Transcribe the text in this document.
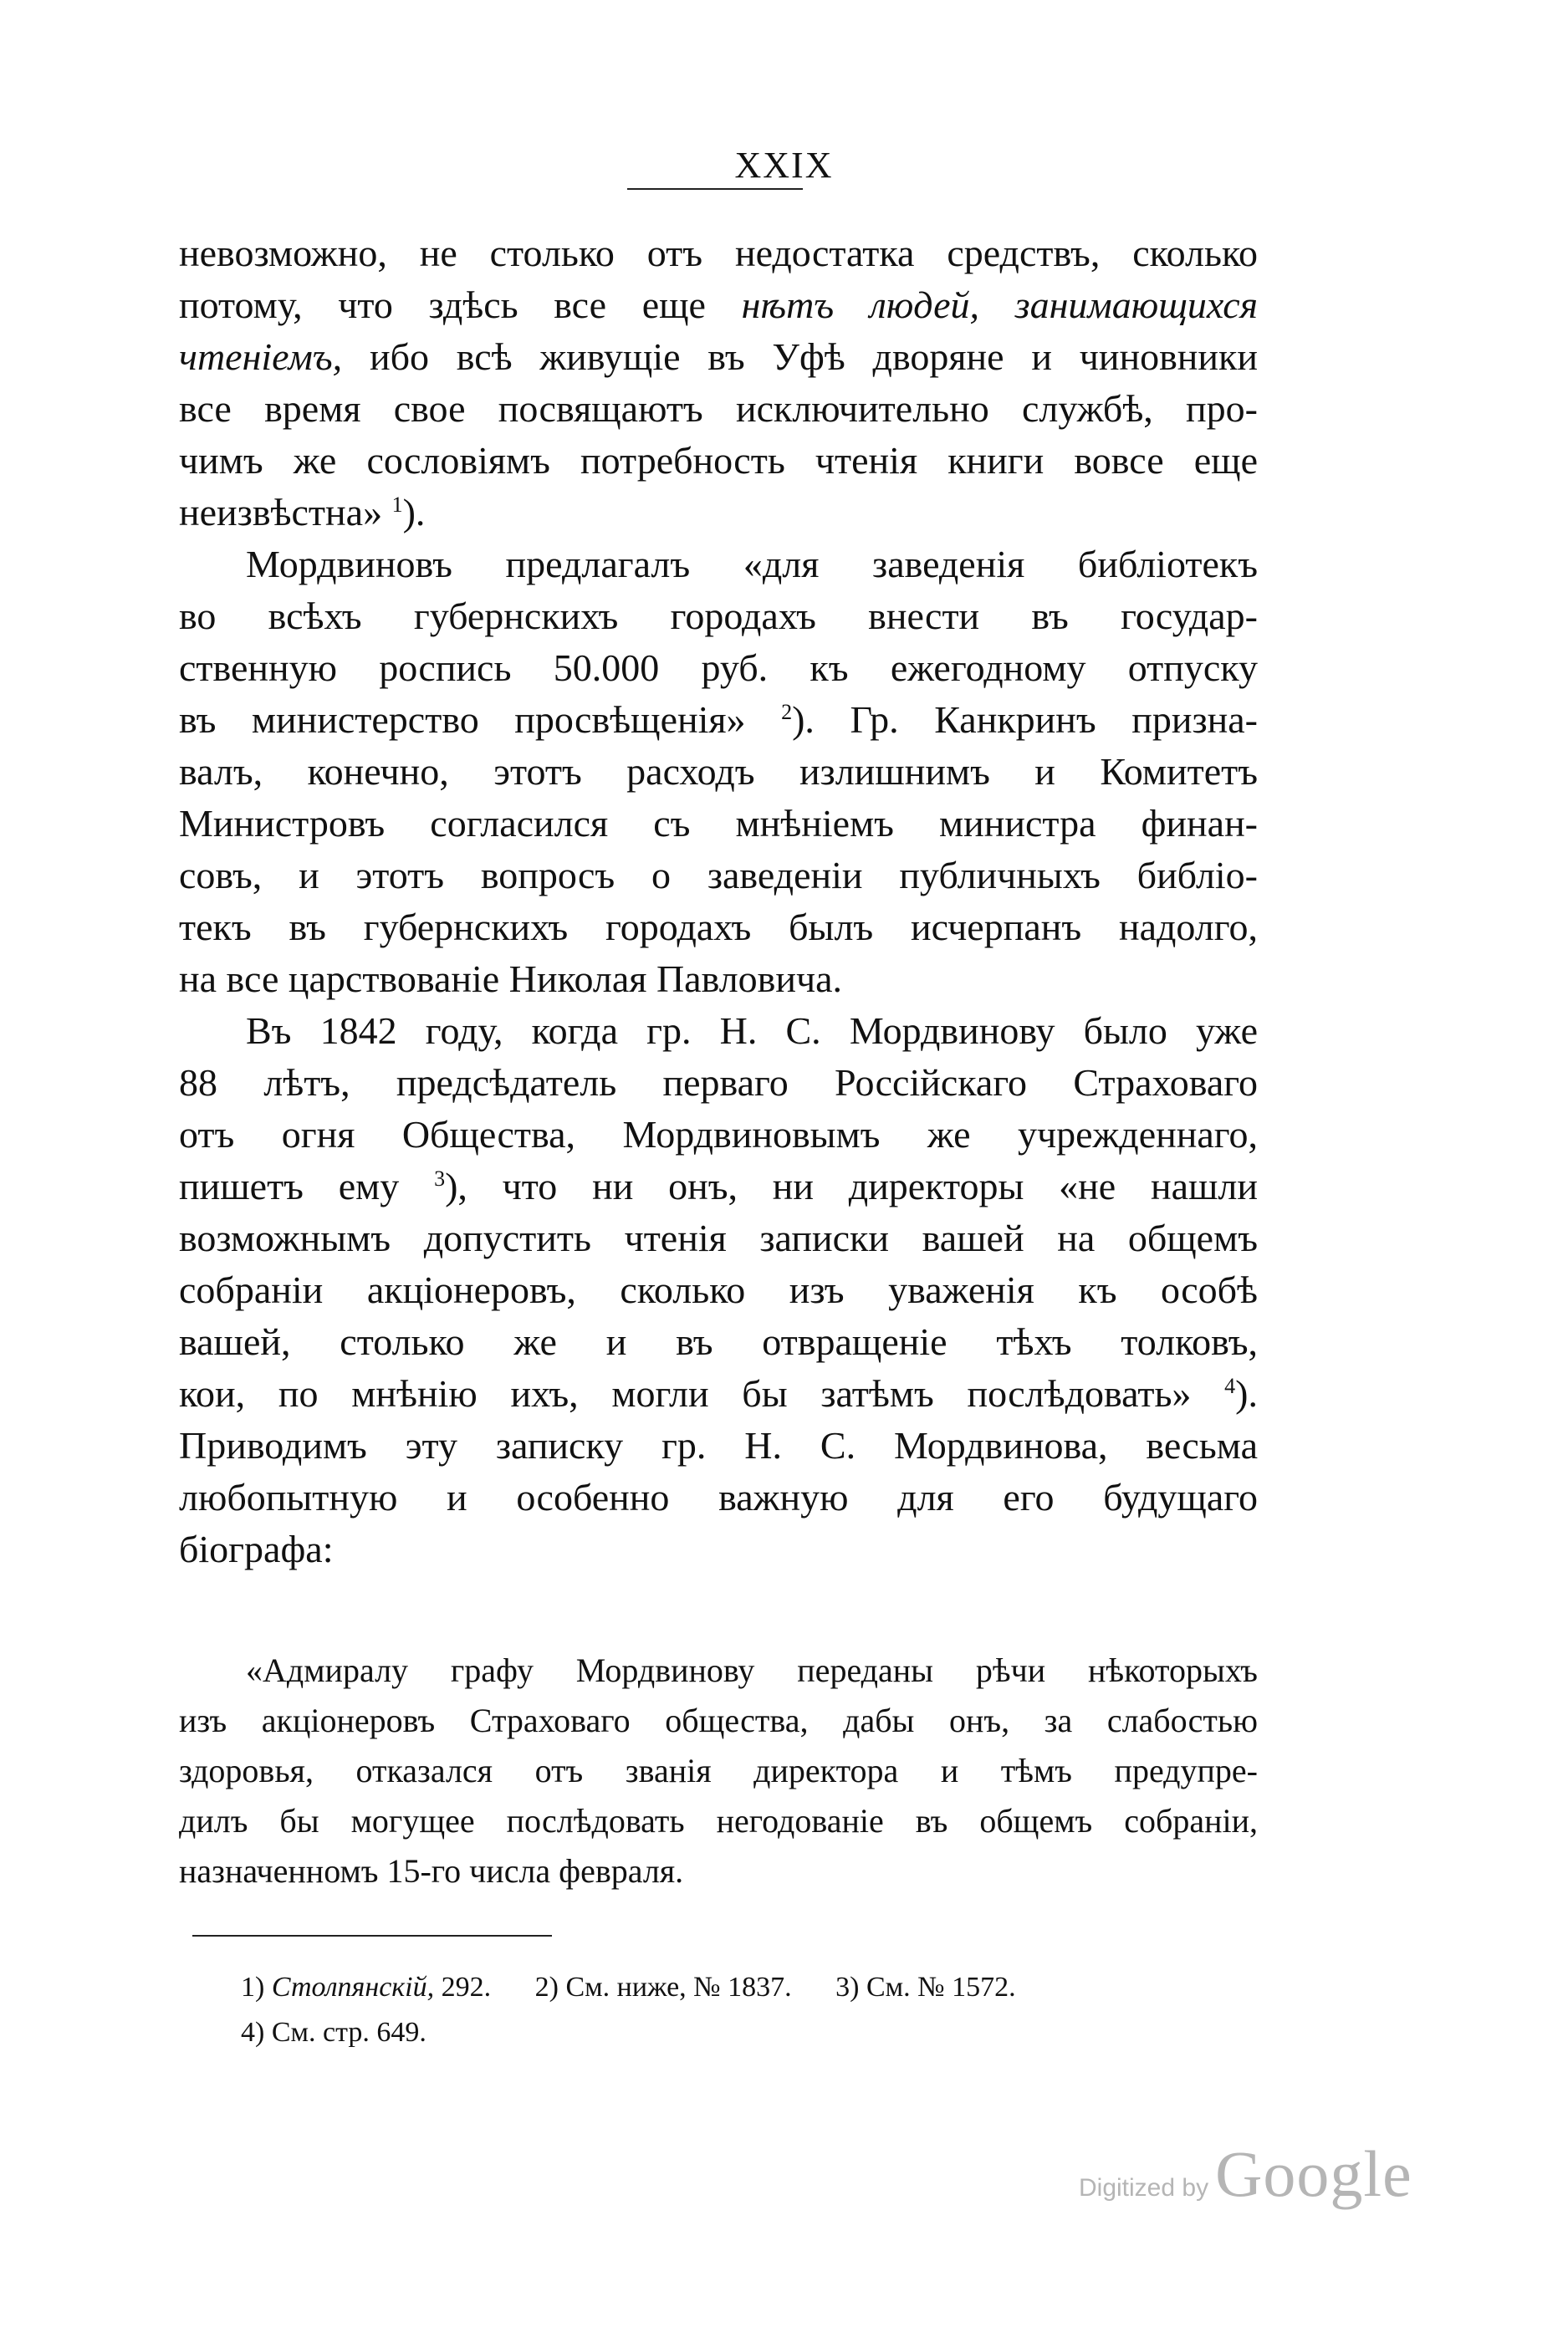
XXIX
невозможно, не столько отъ недостатка средствъ, сколько
потому, что здѣсь все еще нѣтъ людей, занимающихся
чтеніемъ, ибо всѣ живущіе въ Уфѣ дворяне и чиновники
все время свое посвящаютъ исключительно службѣ, про-
чимъ же сословіямъ потребность чтенія книги вовсе еще
неизвѣстна» $^1$).
Мордвиновъ предлагалъ «для заведенія библіотекъ
во всѣхъ губернскихъ городахъ внести въ государ-
ственную роспись 50.000 руб. къ ежегодному отпуску
въ министерство просвѣщенія» $^2$). Гр. Канкринъ призна-
валъ, конечно, этотъ расходъ излишнимъ и Комитетъ
Министровъ согласился съ мнѣніемъ министра финан-
совъ, и этотъ вопросъ о заведеніи публичныхъ библіо-
текъ въ губернскихъ городахъ былъ исчерпанъ надолго,
на все царствованіе Николая Павловича.
Въ 1842 году, когда гр. Н. С. Мордвинову было уже
88 лѣтъ, предсѣдатель перваго Россійскаго Страховаго
отъ огня Общества, Мордвиновымъ же учрежденнаго,
пишетъ ему $^3$), что ни онъ, ни директоры «не нашли
возможнымъ допустить чтенія записки вашей на общемъ
собраніи акціонеровъ, сколько изъ уваженія къ особѣ
вашей, столько же и въ отвращеніе тѣхъ толковъ,
кои, по мнѣнію ихъ, могли бы затѣмъ послѣдовать» $^4$).
Приводимъ эту записку гр. Н. С. Мордвинова, весьма
любопытную и особенно важную для его будущаго
біографа:
«Адмиралу графу Мордвинову переданы рѣчи нѣкоторыхъ
изъ акціонеровъ Страховаго общества, дабы онъ, за слабостью
здоровья, отказался отъ званія директора и тѣмъ предупре-
дилъ бы могущее послѣдовать негодованіе въ общемъ собраніи,
назначенномъ 15-го числа февраля.
1) Столпянскій, 292. 2) См. ниже, № 1837. 3) См. № 1572.
4) См. стр. 649.
Digitized by Google
